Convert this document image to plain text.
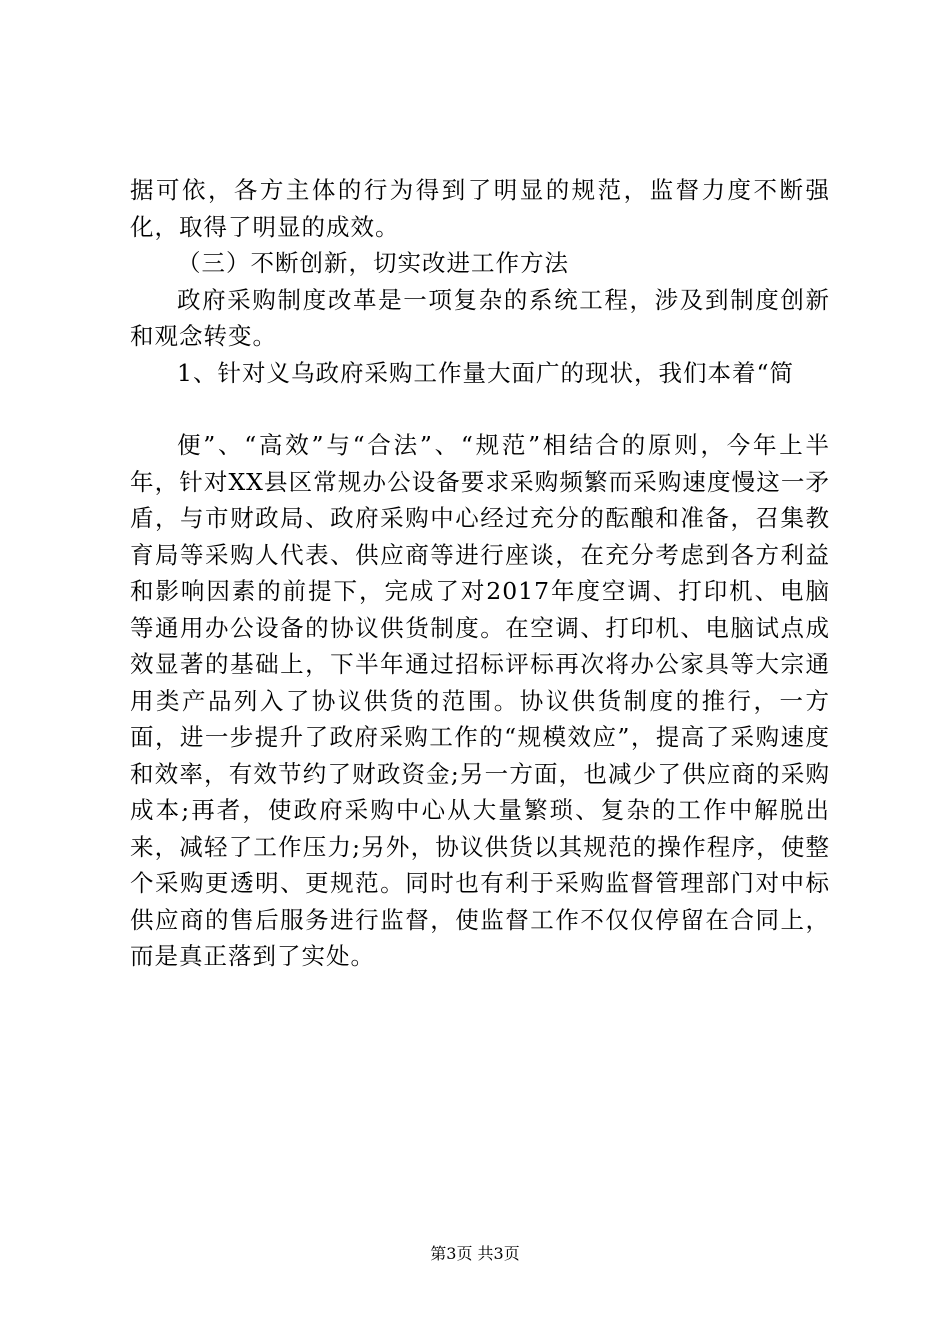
据可依，各方主体的行为得到了明显的规范，监督力度不断强化，取得了明显的成效。

（三）不断创新，切实改进工作方法

政府采购制度改革是一项复杂的系统工程，涉及到制度创新和观念转变。

1、针对义乌政府采购工作量大面广的现状，我们本着“简

便”、“高效”与“合法”、“规范”相结合的原则，今年上半年，针对XX县区常规办公设备要求采购频繁而采购速度慢这一矛盾，与市财政局、政府采购中心经过充分的酝酿和准备，召集教育局等采购人代表、供应商等进行座谈，在充分考虑到各方利益和影响因素的前提下，完成了对2017年度空调、打印机、电脑等通用办公设备的协议供货制度。在空调、打印机、电脑试点成效显著的基础上，下半年通过招标评标再次将办公家具等大宗通用类产品列入了协议供货的范围。协议供货制度的推行，一方面，进一步提升了政府采购工作的“规模效应”，提高了采购速度和效率，有效节约了财政资金;另一方面，也减少了供应商的采购成本;再者，使政府采购中心从大量繁琐、复杂的工作中解脱出来，减轻了工作压力;另外，协议供货以其规范的操作程序，使整个采购更透明、更规范。同时也有利于采购监督管理部门对中标供应商的售后服务进行监督，使监督工作不仅仅停留在合同上，而是真正落到了实处。

第3页 共3页
